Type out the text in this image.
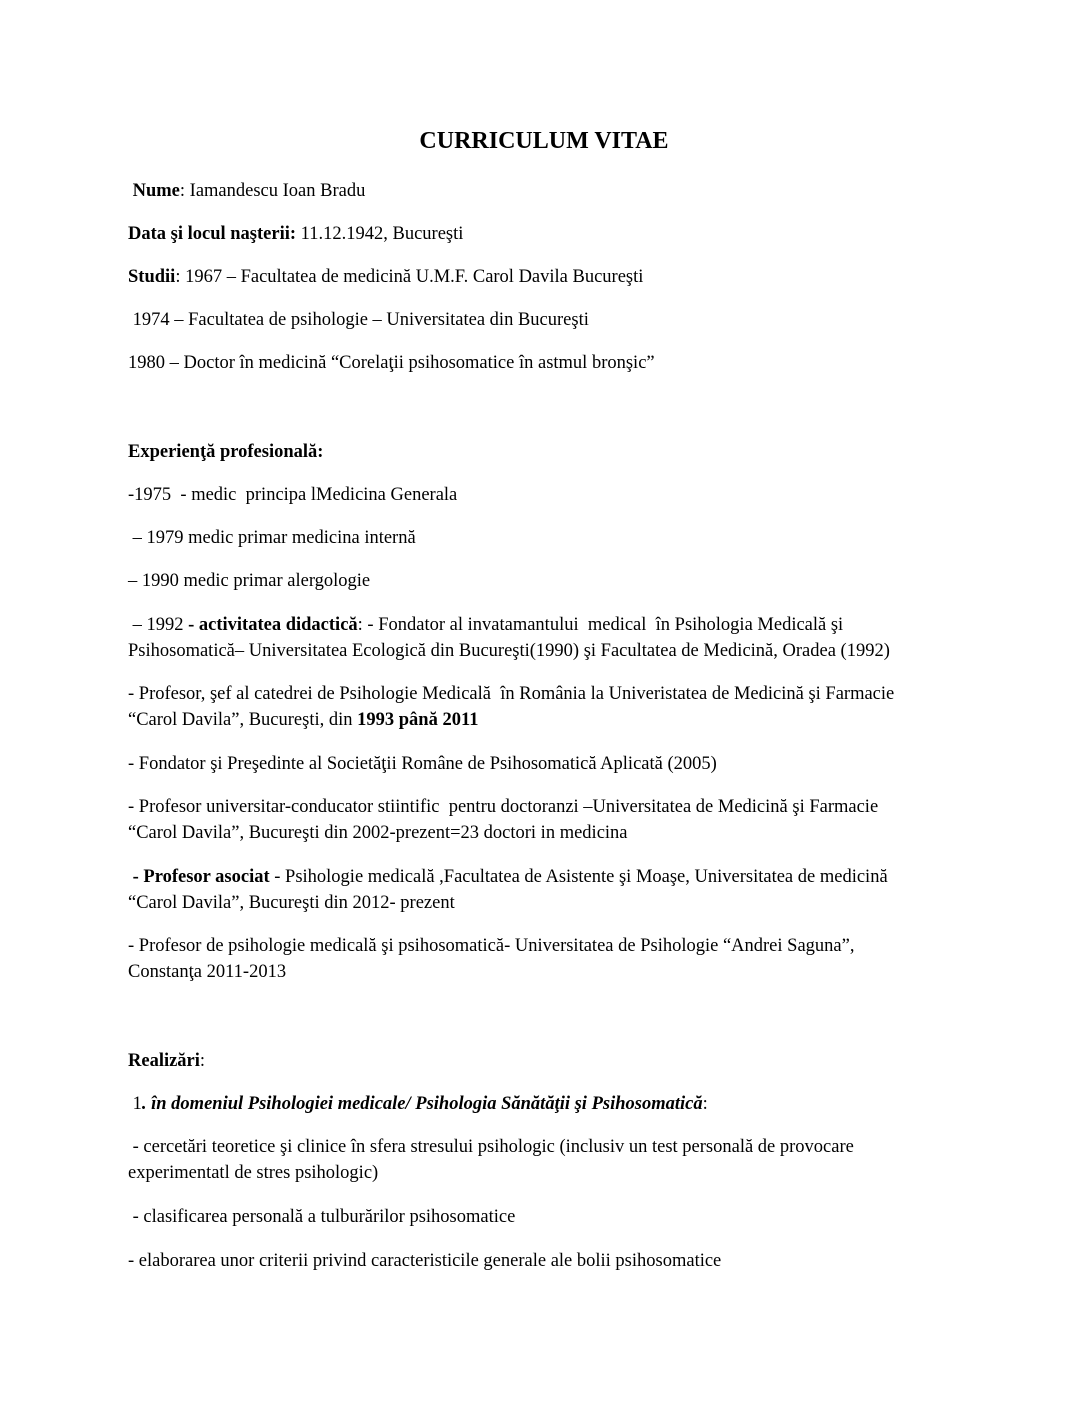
CURRICULUM VITAE
Nume: Iamandescu Ioan Bradu
Data şi locul naşterii: 11.12.1942, Bucureşti
Studii: 1967 – Facultatea de medicină U.M.F. Carol Davila Bucureşti
1974 – Facultatea de psihologie – Universitatea din Bucureşti
1980 – Doctor în medicină “Corelaţii psihosomatice în astmul bronşic”
Experienţă profesională:
-1975  - medic  principa lMedicina Generala
– 1979 medic primar medicina internă
– 1990 medic primar alergologie
– 1992 - activitatea didactică: - Fondator al invatamantului  medical  în Psihologia Medicală şi
Psihosomatică– Universitatea Ecologică din Bucureşti(1990) şi Facultatea de Medicină, Oradea (1992)
- Profesor, şef al catedrei de Psihologie Medicală  în România la Univeristatea de Medicină şi Farmacie
“Carol Davila”, Bucureşti, din 1993 până 2011
- Fondator şi Preşedinte al Societăţii Române de Psihosomatică Aplicată (2005)
- Profesor universitar-conducator stiintific  pentru doctoranzi –Universitatea de Medicină şi Farmacie
“Carol Davila”, Bucureşti din 2002-prezent=23 doctori in medicina
- Profesor asociat - Psihologie medicală ,Facultatea de Asistente şi Moaşe, Universitatea de medicină
“Carol Davila”, Bucureşti din 2012- prezent
- Profesor de psihologie medicală şi psihosomatică- Universitatea de Psihologie “Andrei Saguna”,
Constanţa 2011-2013
Realizări:
1. în domeniul Psihologiei medicale/ Psihologia Sănătăţii şi Psihosomatică:
- cercetări teoretice şi clinice în sfera stresului psihologic (inclusiv un test personală de provocare
experimentatl de stres psihologic)
- clasificarea personală a tulburărilor psihosomatice
- elaborarea unor criterii privind caracteristicile generale ale bolii psihosomatice
